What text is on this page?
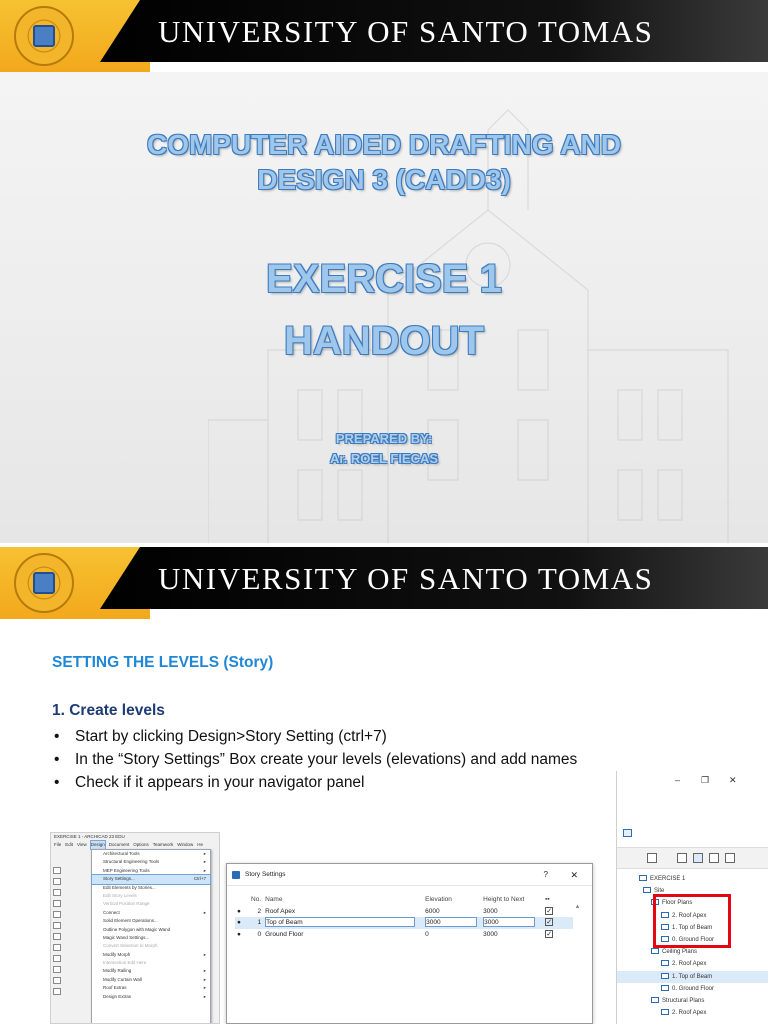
UNIVERSITY OF SANTO TOMAS
COMPUTER AIDED DRAFTING AND
DESIGN 3 (CADD3)
EXERCISE 1
HANDOUT
PREPARED BY:
Ar. ROEL FIECAS
UNIVERSITY OF SANTO TOMAS
SETTING THE LEVELS (Story)
1. Create levels
• Start by clicking Design>Story Setting (ctrl+7)
• In the “Story Settings” Box create your levels (elevations) and add names
• Check if it appears in your navigator panel
EXERCISE 1 - ARCHICAD 23 EDU
File Edit View Design Document Options Teamwork Window He
Architectural Tools	▸
Structural Engineering Tools	▸
MEP Engineering Tools	▸
Story Settings...	Ctrl+7
Edit Elements by Stories...
Edit Story Levels
Vertical Position Range
Connect	▸
Solid Element Operations...
Outline Polygon with Magic Wand
Magic Wand Settings...
Convert Selection to Morph
Modify Morph	▸
Intersection Edit Here
Modify Railing	▸
Modify Curtain Wall	▸
Roof Extras	▸
Design Extras	▸
Story Settings	? ✕
	No.	Name	Elevation	Height to Next	▪▪
●	2	Roof Apex	6000	3000	✓
●	1	Top of Beam	3000	3000	✓
●	0	Ground Floor	0	3000	✓
▲
– ❐ ✕
EXERCISE 1
Site
Floor Plans
2. Roof Apex
1. Top of Beam
0. Ground Floor
Ceiling Plans
2. Roof Apex
1. Top of Beam
0. Ground Floor
Structural Plans
2. Roof Apex
